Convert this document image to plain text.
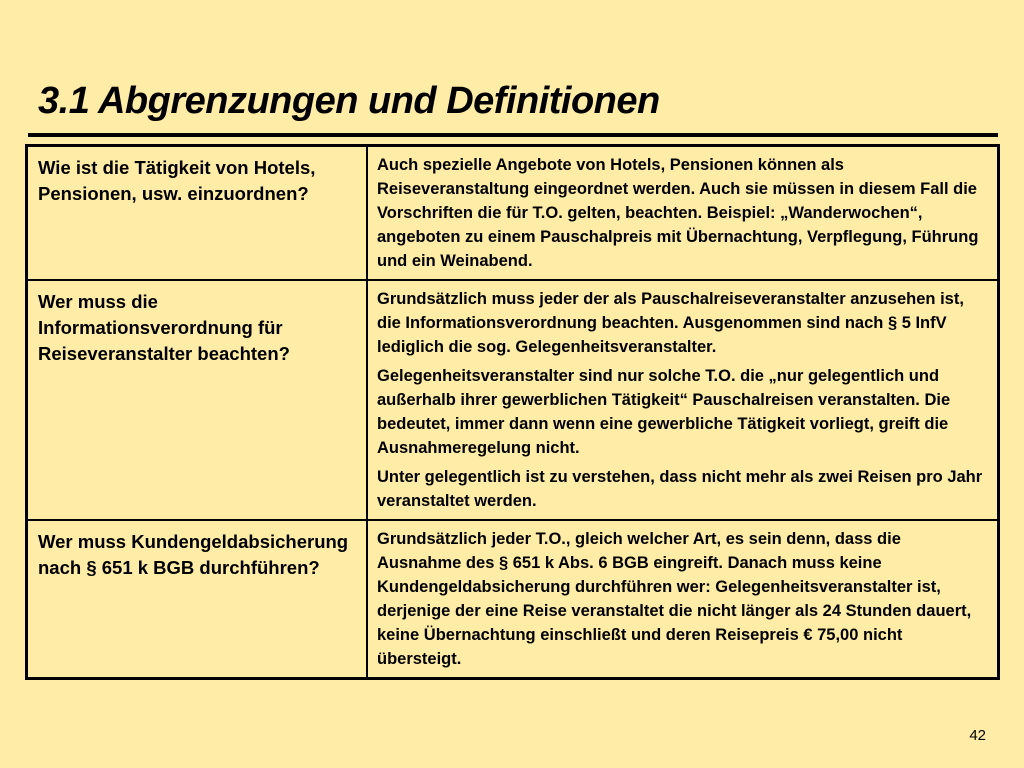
3.1 Abgrenzungen und Definitionen
Wie ist die Tätigkeit von Hotels, Pensionen, usw. einzuordnen?	Auch spezielle Angebote von Hotels, Pensionen können als Reiseveranstaltung eingeordnet werden. Auch sie müssen in diesem Fall die Vorschriften die für T.O. gelten, beachten. Beispiel: „Wanderwochen“, angeboten zu einem Pauschalpreis mit Übernachtung, Verpflegung, Führung und ein Weinabend.

Wer muss die Informationsverordnung für Reiseveranstalter beachten?	Grundsätzlich muss jeder der als Pauschalreiseveranstalter anzusehen ist, die Informationsverordnung beachten. Ausgenommen sind nach § 5 InfV lediglich die sog. Gelegenheitsveranstalter.

Gelegenheitsveranstalter sind nur solche T.O. die „nur gelegentlich und außerhalb ihrer gewerblichen Tätigkeit“ Pauschalreisen veranstalten. Die bedeutet, immer dann wenn eine gewerbliche Tätigkeit vorliegt, greift die Ausnahmeregelung nicht.

Unter gelegentlich ist zu verstehen, dass nicht mehr als zwei Reisen pro Jahr veranstaltet werden.

Wer muss Kundengeldabsicherung nach § 651 k BGB durchführen?	Grundsätzlich jeder T.O., gleich welcher Art, es sein denn, dass die Ausnahme des § 651 k Abs. 6 BGB eingreift. Danach muss keine Kundengeldabsicherung durchführen wer: Gelegenheitsveranstalter ist, derjenige der eine Reise veranstaltet die nicht länger als 24 Stunden dauert, keine Übernachtung einschließt und deren Reisepreis € 75,00 nicht übersteigt.

42
